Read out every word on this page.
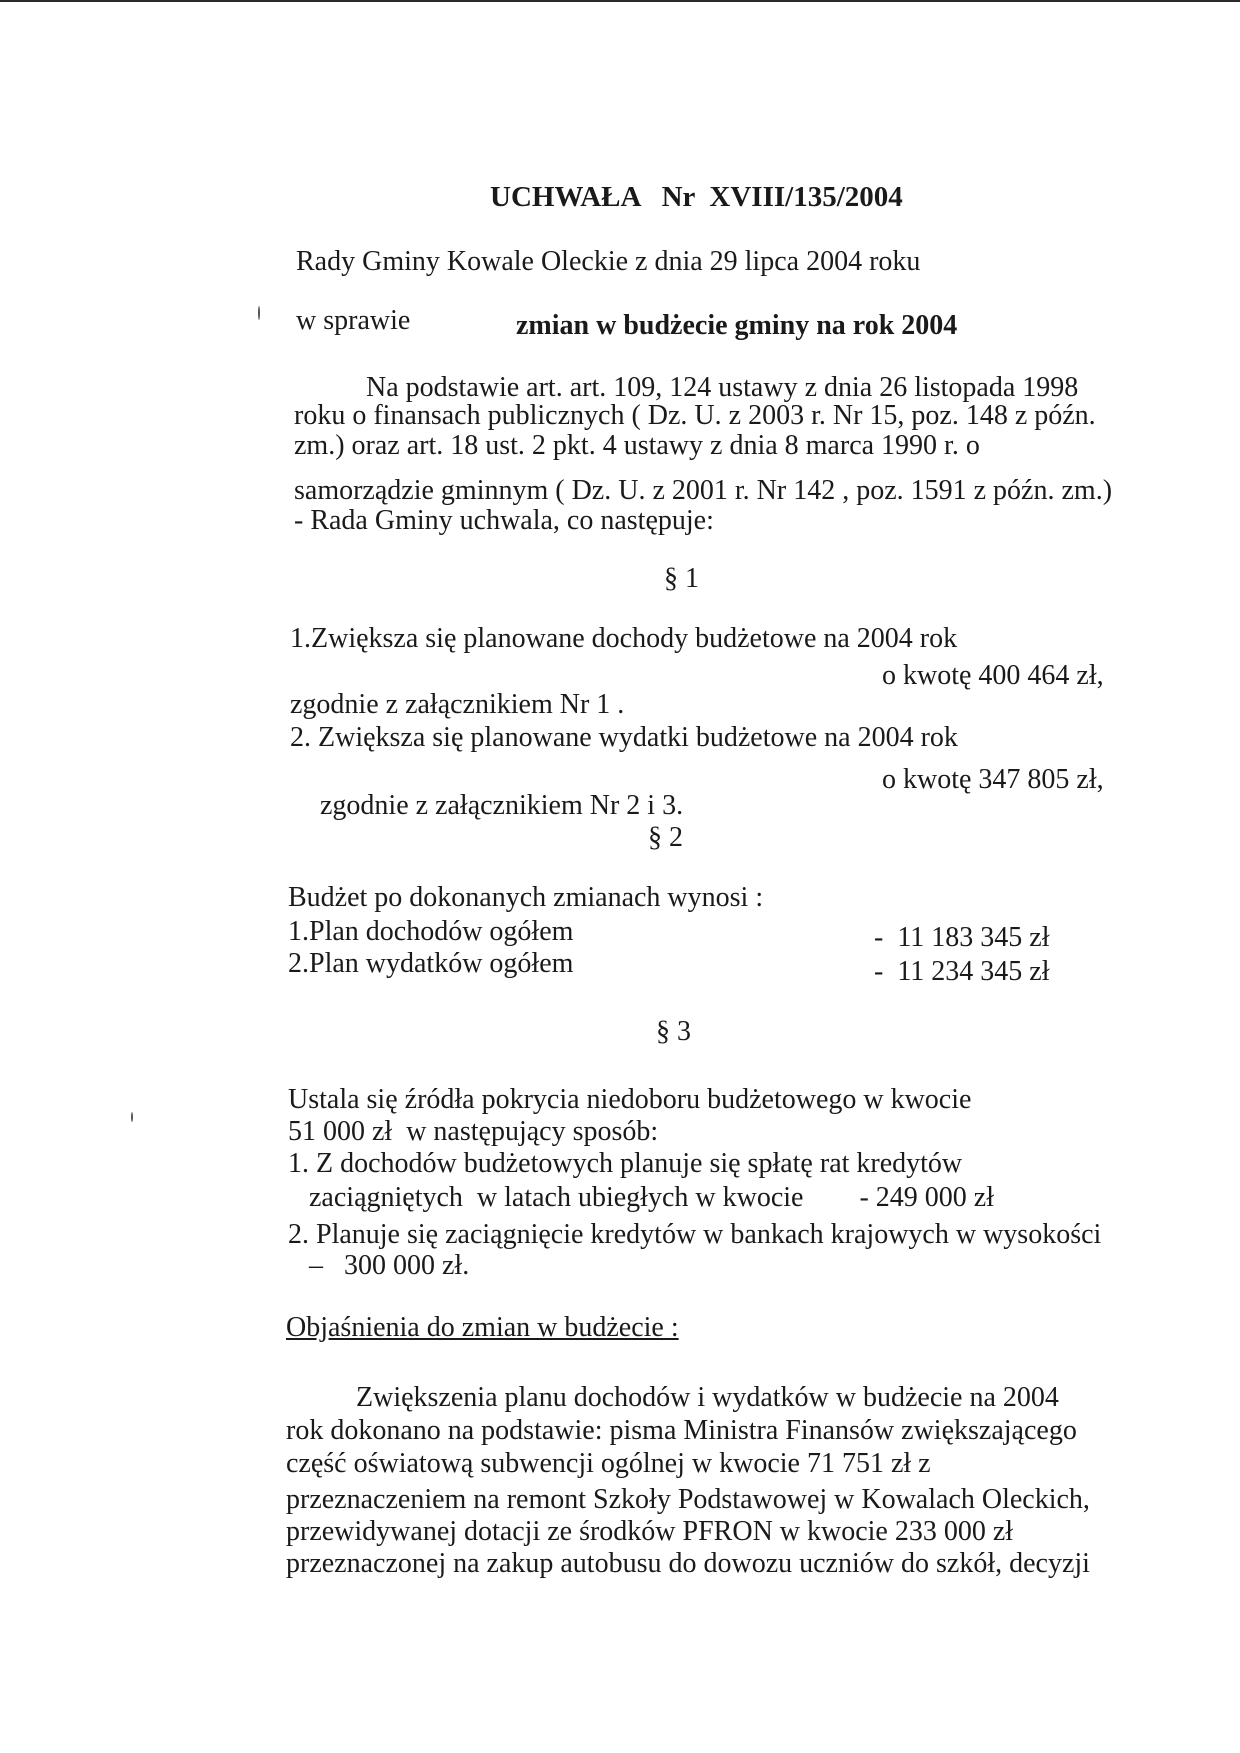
UCHWAŁA   Nr  XVIII/135/2004
Rady Gminy Kowale Oleckie z dnia 29 lipca 2004 roku
w sprawie	zmian w budżecie gminy na rok 2004
Na podstawie art. art. 109, 124 ustawy z dnia 26 listopada 1998
roku o finansach publicznych ( Dz. U. z 2003 r. Nr 15, poz. 148 z późn.
zm.) oraz art. 18 ust. 2 pkt. 4 ustawy z dnia 8 marca 1990 r. o
samorządzie gminnym ( Dz. U. z 2001 r. Nr 142 , poz. 1591 z późn. zm.)
- Rada Gminy uchwala, co następuje:
§ 1
1.Zwiększa się planowane dochody budżetowe na 2004 rok
o kwotę 400 464 zł,
zgodnie z załącznikiem Nr 1 .
2. Zwiększa się planowane wydatki budżetowe na 2004 rok
o kwotę 347 805 zł,
zgodnie z załącznikiem Nr 2 i 3.
§ 2
Budżet po dokonanych zmianach wynosi :
1.Plan dochodów ogółem	-  11 183 345 zł
2.Plan wydatków ogółem	-  11 234 345 zł
§ 3
Ustala się źródła pokrycia niedoboru budżetowego w kwocie
51 000 zł  w następujący sposób:
1. Z dochodów budżetowych planuje się spłatę rat kredytów
zaciągniętych  w latach ubiegłych w kwocie        - 249 000 zł
2. Planuje się zaciągnięcie kredytów w bankach krajowych w wysokości
–   300 000 zł.
Objaśnienia do zmian w budżecie :
Zwiększenia planu dochodów i wydatków w budżecie na 2004
rok dokonano na podstawie: pisma Ministra Finansów zwiększającego
część oświatową subwencji ogólnej w kwocie 71 751 zł z
przeznaczeniem na remont Szkoły Podstawowej w Kowalach Oleckich,
przewidywanej dotacji ze środków PFRON w kwocie 233 000 zł
przeznaczonej na zakup autobusu do dowozu uczniów do szkół, decyzji
